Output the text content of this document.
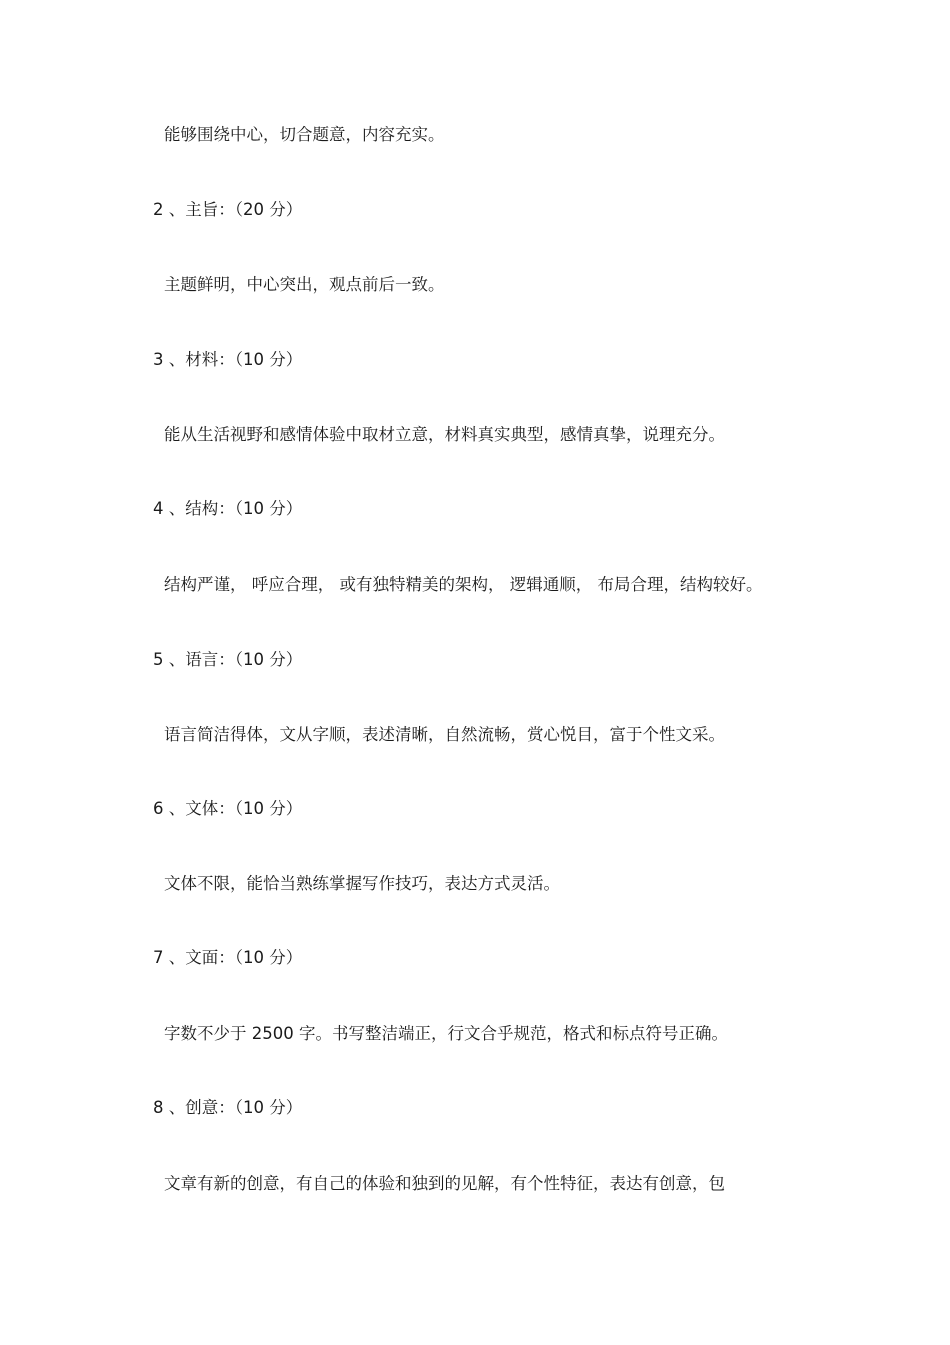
能够围绕中心，切合题意，内容充实。
2 、主旨：（20 分）
主题鲜明，中心突出，观点前后一致。
3 、材料：（10 分）
能从生活视野和感情体验中取材立意，材料真实典型，感情真挚，说理充分。
4 、结构：（10 分）
结构严谨， 呼应合理， 或有独特精美的架构， 逻辑通顺， 布局合理，结构较好。
5 、语言：（10 分）
语言简洁得体，文从字顺，表述清晰，自然流畅，赏心悦目，富于个性文采。
6 、文体：（10 分）
文体不限，能恰当熟练掌握写作技巧，表达方式灵活。
7 、文面：（10 分）
字数不少于 2500 字。书写整洁端正，行文合乎规范，格式和标点符号正确。
8 、创意：（10 分）
文章有新的创意，有自己的体验和独到的见解，有个性特征，表达有创意，包
